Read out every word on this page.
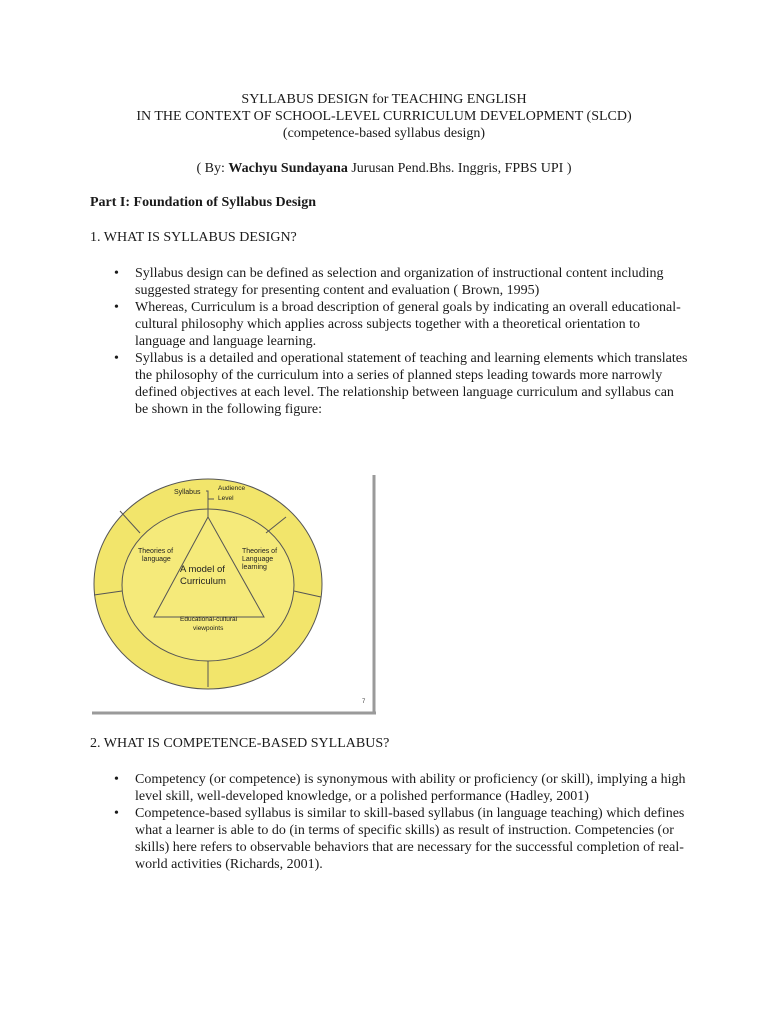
SYLLABUS DESIGN for TEACHING ENGLISH
IN THE CONTEXT OF SCHOOL-LEVEL CURRICULUM DEVELOPMENT (SLCD)
(competence-based syllabus design)
( By: Wachyu Sundayana Jurusan Pend.Bhs. Inggris, FPBS UPI )
Part I: Foundation of Syllabus Design
1. WHAT IS SYLLABUS DESIGN?
• Syllabus design can be defined as selection and organization of instructional content including suggested strategy for presenting content and evaluation ( Brown, 1995)
• Whereas, Curriculum is a broad description of general goals by indicating an overall educational-cultural philosophy which applies across subjects together with a theoretical orientation to language and language learning.
• Syllabus is a detailed and operational statement of teaching and learning elements which translates the philosophy of the curriculum into a series of planned steps leading towards more narrowly defined objectives at each level. The relationship between language curriculum and syllabus can be shown in the following figure:
Syllabus
Audience
Level
Theories of
language
Theories of
Language
learning
A model of
Curriculum
Educational-cultural
viewpoints
7
2. WHAT IS COMPETENCE-BASED SYLLABUS?
• Competency (or competence) is synonymous with ability or proficiency (or skill), implying a high level skill, well-developed knowledge, or a polished performance (Hadley, 2001)
• Competence-based syllabus is similar to skill-based syllabus (in language teaching) which defines what a learner is able to do (in terms of specific skills) as result of instruction. Competencies (or skills) here refers to observable behaviors that are necessary for the successful completion of real-world activities (Richards, 2001).
